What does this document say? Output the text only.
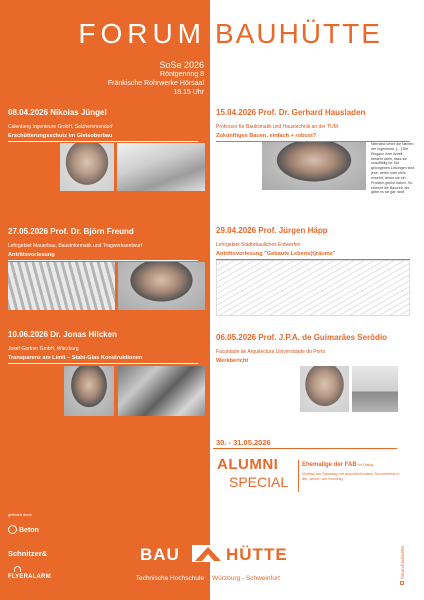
FORUM BAUHÜTTE
SoSe 2026
Röntgenring 8
Fränkische Rohrwerke Hörsaal
18.15 Uhr
08.04.2026 Nikolas Jüngel
Calenberg Ingenieure GmbH, Salzhemmendorf
Erschütterungsschutz im Gleisoberbau
15.04.2026 Prof. Dr. Gerhard Hausladen
Professor für Bauklimatik und Haustechnik an der TUM
Zukünftiges Bauen, einfach + robust?
Niemand kennt die Namen der Ingenieure. […] Die Eleganz ihrer Arbeit besteht darin, dass sie unauffällig ist. Die gelungenen Lösungen sind jene, deren man nicht erwehrt, deren sie ein Problem gelöst haben. So erkennt die Bauwelt, als gäbe es sie gar nicht.
27.05.2026 Prof. Dr. Björn Freund
Lehrgebiet Mauerbau, Baueinformatik und Tragwerksentwurf
Antrittsvorlesung
29.04.2026 Prof. Jürgen Häpp
Lehrgebiet Städtebauliches Entwerfen
Antrittsvorlesung "Gebaute Lebens(t)räume"
10.06.2026 Dr. Jonas Hilcken
Josef Gartner GmbH, Würzburg
Transparenz am Limit – Stahl-Glas Konstruktionen
06.05.2026 Prof. J.P.A. de Guimarães Serôdio
Faculdade de Arquitectura Universidade do Porto
Werkbericht
30. - 31.05.2026
ALUMNI
SPECIAL
Ehemalige der FAB im Dialog
Vortrag am Samstag mit anschließendem Sommerfest in der „alche“ am Sonntag
gefördert durch
Beton
Schnitzer&
FLYERALARM
BAU	HÜTTE
Technische Hochschule Würzburg - Schweinfurt	forum.bauhuette
